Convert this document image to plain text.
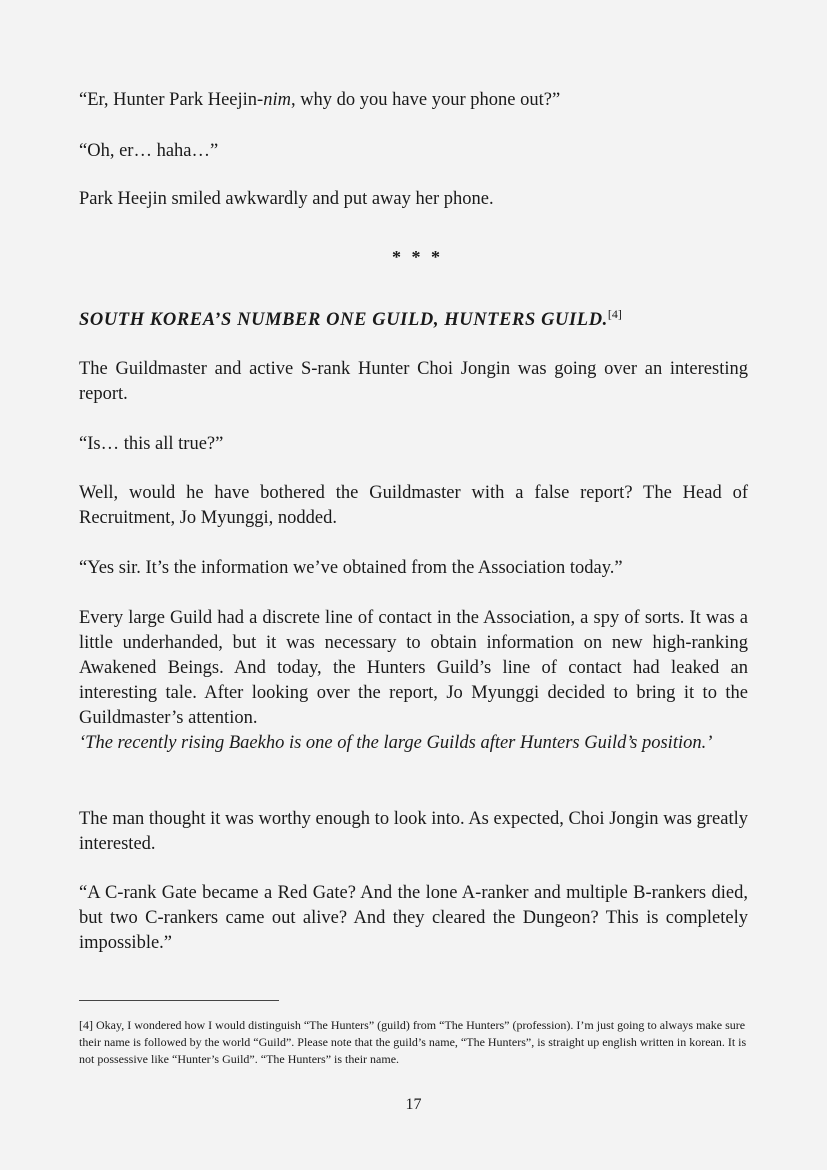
“Er, Hunter Park Heejin-nim, why do you have your phone out?”

“Oh, er… haha…”

Park Heejin smiled awkwardly and put away her phone.

* * *

SOUTH KOREA’S NUMBER ONE GUILD, HUNTERS GUILD.[4]

The Guildmaster and active S-rank Hunter Choi Jongin was going over an interesting report.

“Is… this all true?”

Well, would he have bothered the Guildmaster with a false report? The Head of Recruitment, Jo Myunggi, nodded.

“Yes sir. It’s the information we’ve obtained from the Association today.”

Every large Guild had a discrete line of contact in the Association, a spy of sorts. It was a little underhanded, but it was necessary to obtain information on new high-ranking Awakened Beings. And today, the Hunters Guild’s line of contact had leaked an interesting tale. After looking over the report, Jo Myunggi decided to bring it to the Guildmaster’s attention.

‘The recently rising Baekho is one of the large Guilds after Hunters Guild’s position.’

The man thought it was worthy enough to look into. As expected, Choi Jongin was greatly interested.

“A C-rank Gate became a Red Gate? And the lone A-ranker and multiple B-rankers died, but two C-rankers came out alive? And they cleared the Dungeon? This is completely impossible.”

[4] Okay, I wondered how I would distinguish “The Hunters” (guild) from “The Hunters” (profession). I’m just going to always make sure their name is followed by the world “Guild”. Please note that the guild’s name, “The Hunters”, is straight up english written in korean. It is not possessive like “Hunter’s Guild”. “The Hunters” is their name.

17
